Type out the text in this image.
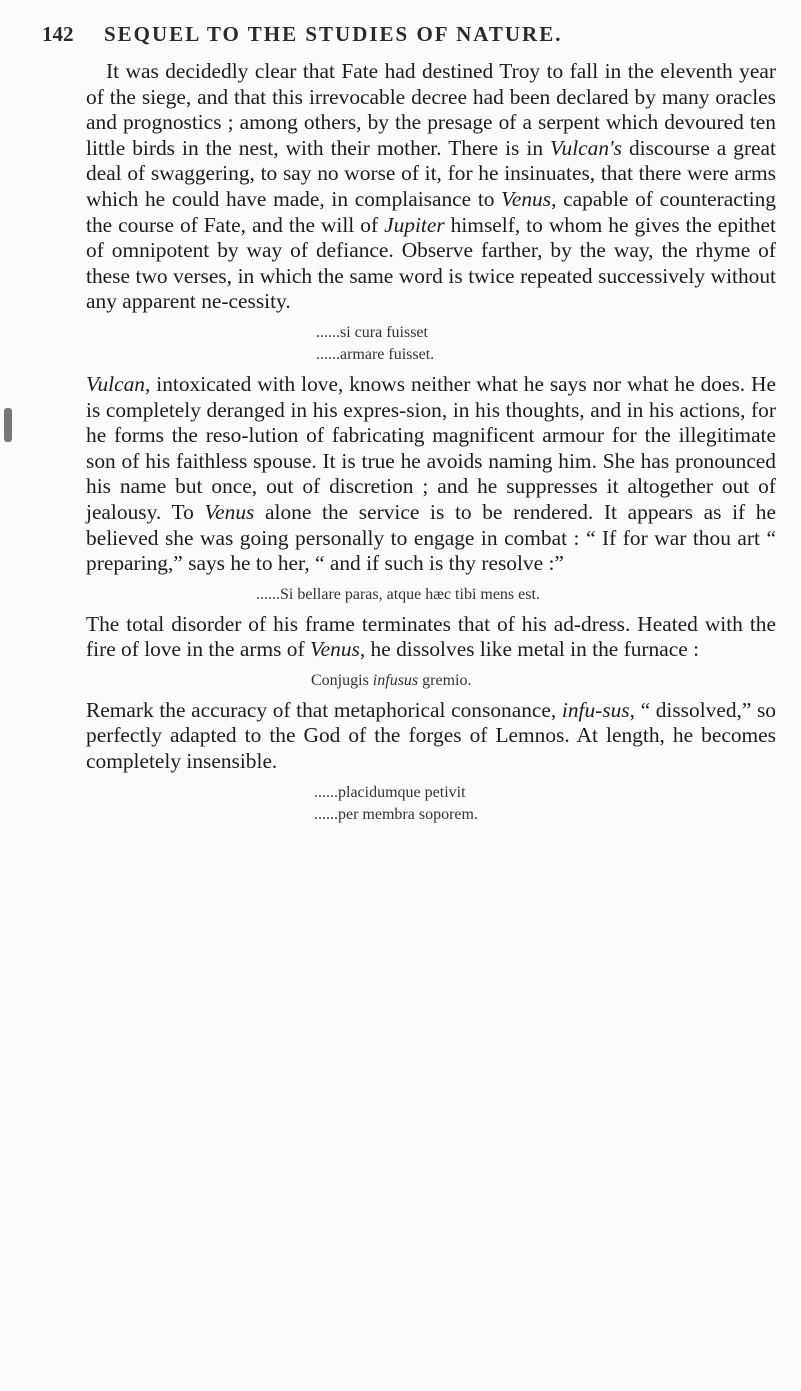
142	SEQUEL TO THE STUDIES OF NATURE.

It was decidedly clear that Fate had destined Troy to fall in the eleventh year of the siege, and that this irrevocable decree had been declared by many oracles and prognostics ; among others, by the presage of a serpent which devoured ten little birds in the nest, with their mother. There is in Vulcan's discourse a great deal of swaggering, to say no worse of it, for he insinuates, that there were arms which he could have made, in complaisance to Venus, capable of counteracting the course of Fate, and the will of Jupiter himself, to whom he gives the epithet of omnipotent by way of defiance. Observe farther, by the way, the rhyme of these two verses, in which the same word is twice repeated successively without any apparent ne-cessity.

......si cura fuisset
......armare fuisset.

Vulcan, intoxicated with love, knows neither what he says nor what he does. He is completely deranged in his expres-sion, in his thoughts, and in his actions, for he forms the reso-lution of fabricating magnificent armour for the illegitimate son of his faithless spouse. It is true he avoids naming him. She has pronounced his name but once, out of discretion ; and he suppresses it altogether out of jealousy. To Venus alone the service is to be rendered. It appears as if he believed she was going personally to engage in combat : “ If for war thou art “ preparing,” says he to her, “ and if such is thy resolve :”

......Si bellare paras, atque hæc tibi mens est.

The total disorder of his frame terminates that of his ad-dress. Heated with the fire of love in the arms of Venus, he dissolves like metal in the furnace :

Conjugis infusus gremio.

Remark the accuracy of that metaphorical consonance, infu-sus, “ dissolved,” so perfectly adapted to the God of the forges of Lemnos. At length, he becomes completely insensible.

......placidumque petivit
......per membra soporem.
